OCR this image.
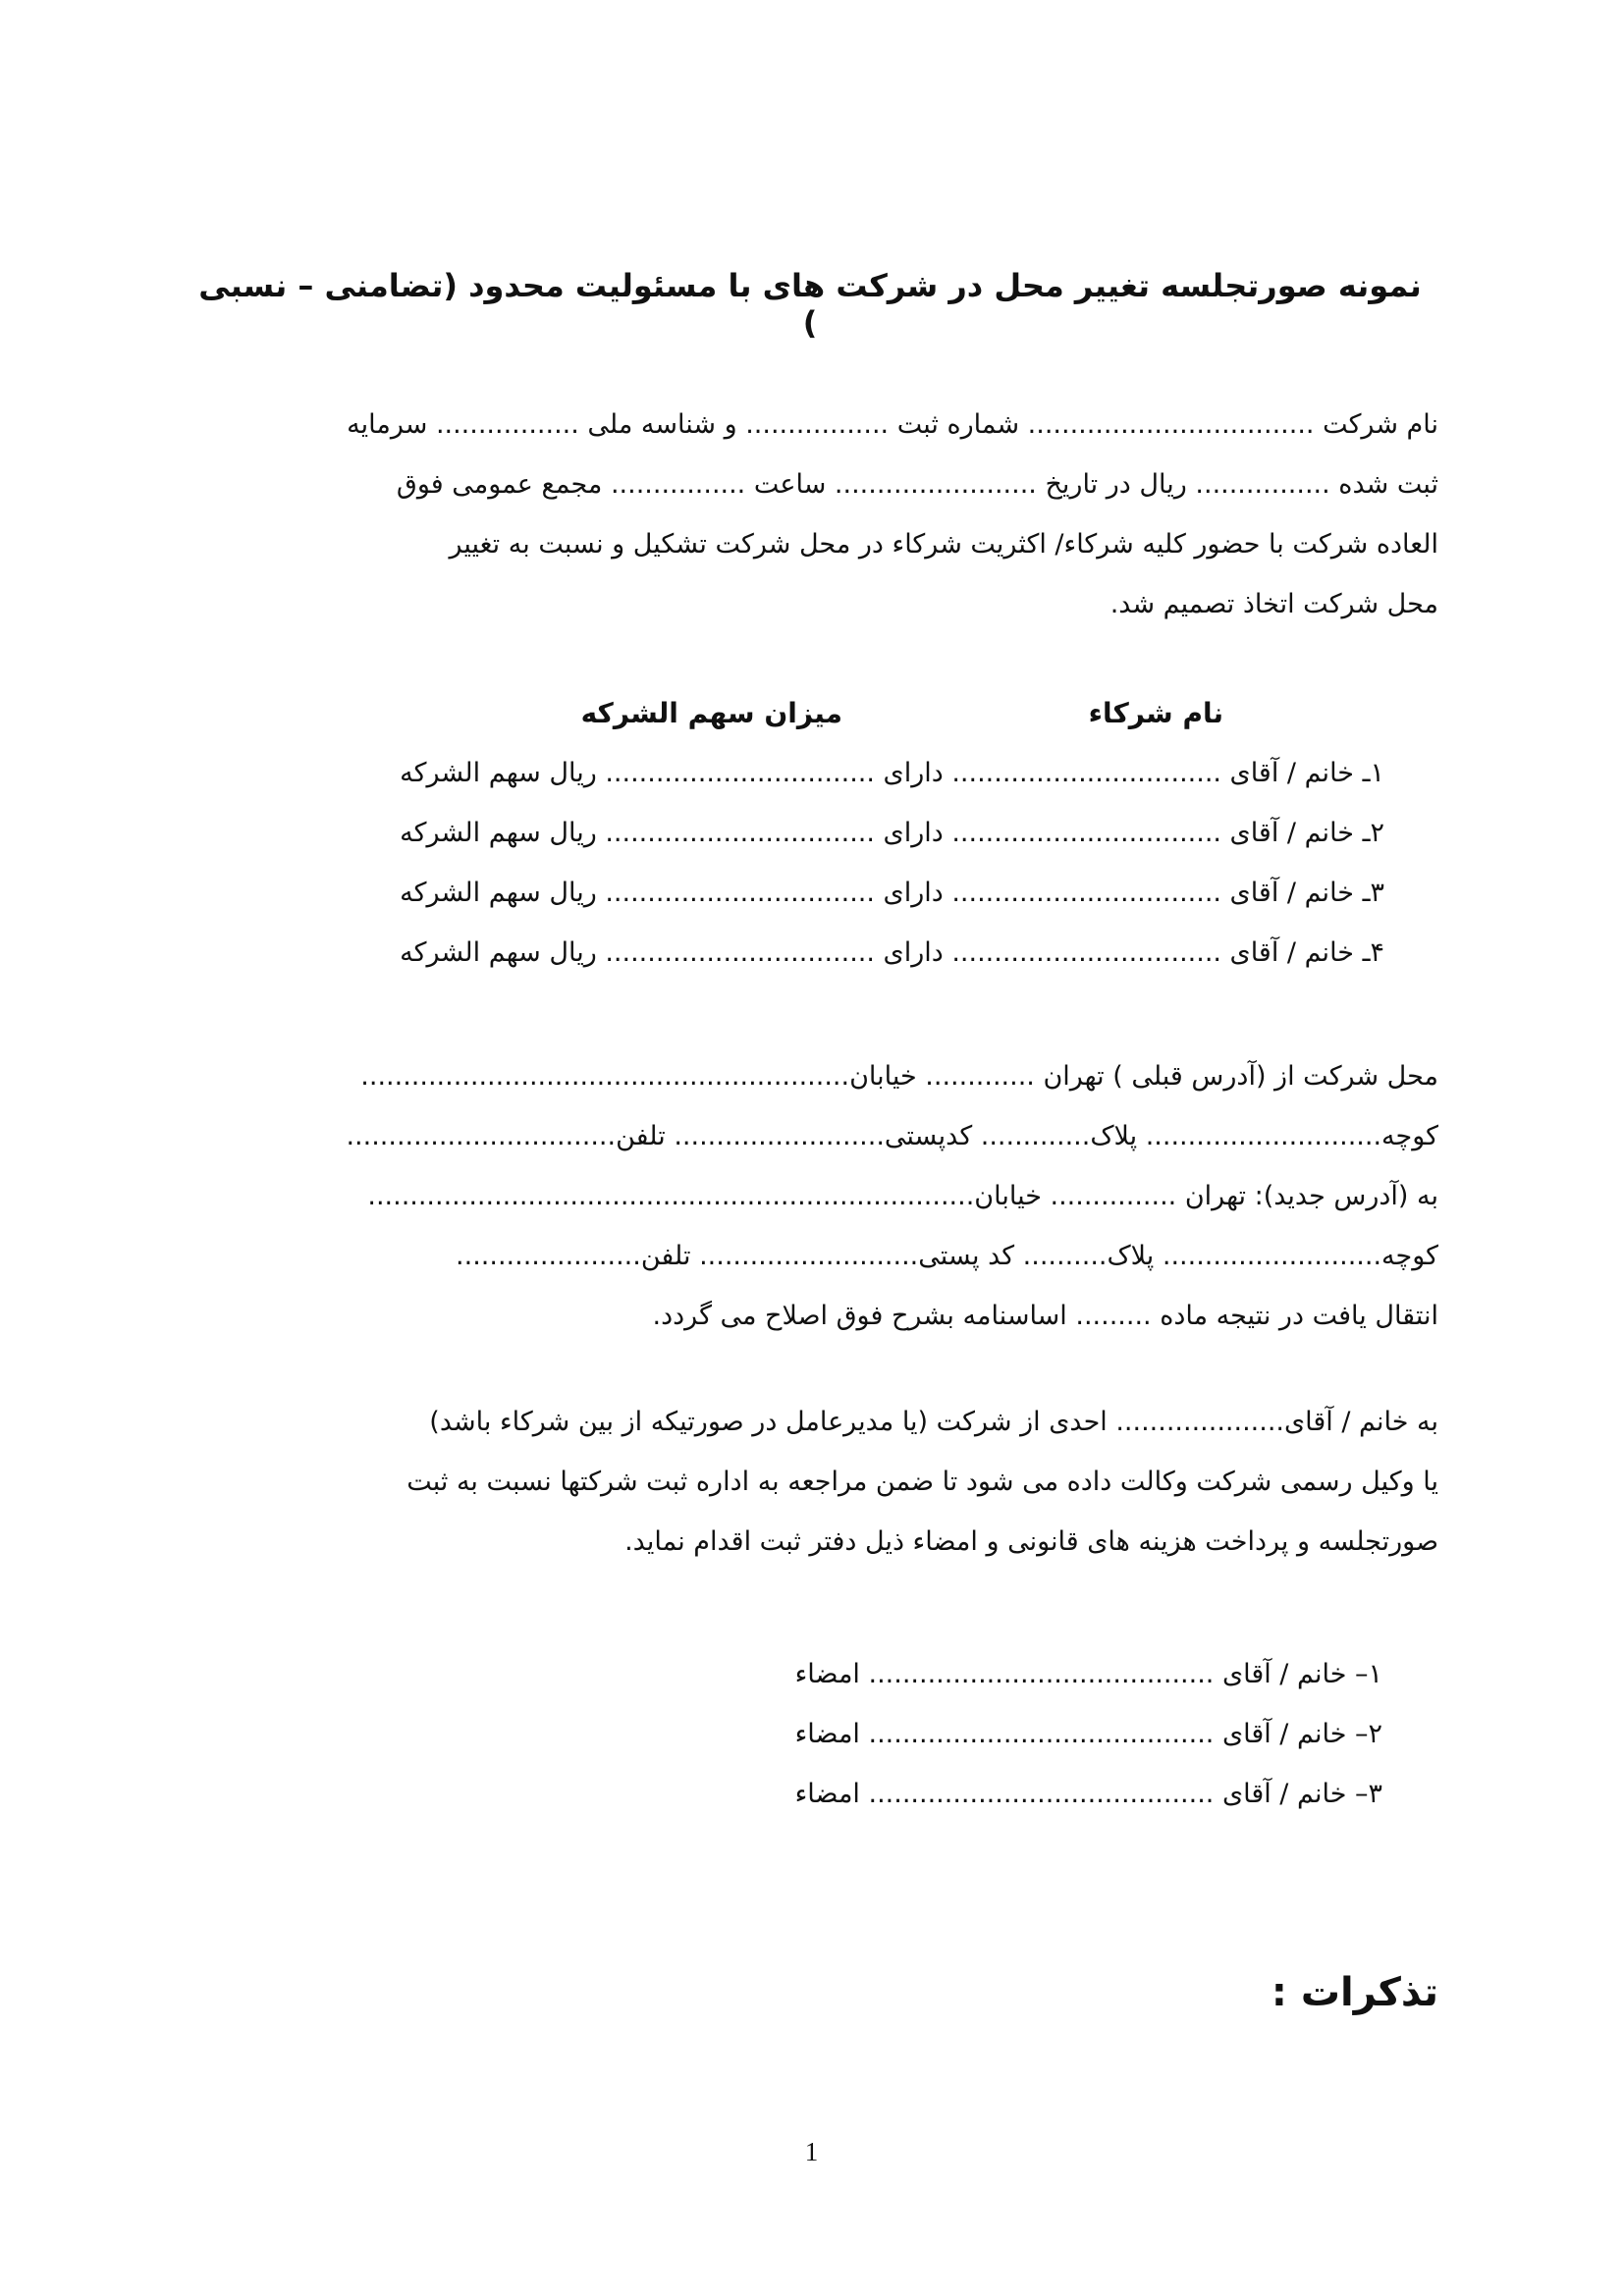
نمونه صورتجلسه تغییر محل در شرکت های با مسئولیت محدود (تضامنی – نسبی )

نام شرکت .................................. شماره ثبت ................. و شناسه ملی ................. سرمایه

ثبت شده ................ ریال در تاریخ ........................ ساعت ................ مجمع عمومی فوق

العاده شرکت با حضور کلیه شرکاء/ اکثریت شرکاء در محل شرکت تشکیل و نسبت به تغییر

محل شرکت اتخاذ تصمیم شد.

نام شرکاء
میزان سهم الشرکه
۱ـ خانم / آقای ................................ دارای ................................ ریال سهم الشرکه
۲ـ خانم / آقای ................................ دارای ................................ ریال سهم الشرکه
۳ـ خانم / آقای ................................ دارای ................................ ریال سهم الشرکه
۴ـ خانم / آقای ................................ دارای ................................ ریال سهم الشرکه

محل شرکت از (آدرس قبلی ) تهران ............. خیابان..........................................................

کوچه............................ پلاک............. کدپستی......................... تلفن................................

به (آدرس جدید): تهران ............... خیابان........................................................................

کوچه.......................... پلاک.......... کد پستی.......................... تلفن......................

انتقال یافت در نتیجه ماده ......... اساسنامه بشرح فوق اصلاح می گردد.

به خانم / آقای.................... احدی از شرکت (یا مدیرعامل در صورتیکه از بین شرکاء باشد)

یا وکیل رسمی شرکت وکالت داده می شود تا ضمن مراجعه به اداره ثبت شرکتها نسبت به ثبت

صورتجلسه و پرداخت هزینه های قانونی و امضاء ذیل دفتر ثبت اقدام نماید.

۱– خانم / آقای ......................................... امضاء
۲– خانم / آقای ......................................... امضاء
۳– خانم / آقای ......................................... امضاء
تذکرات :
1
